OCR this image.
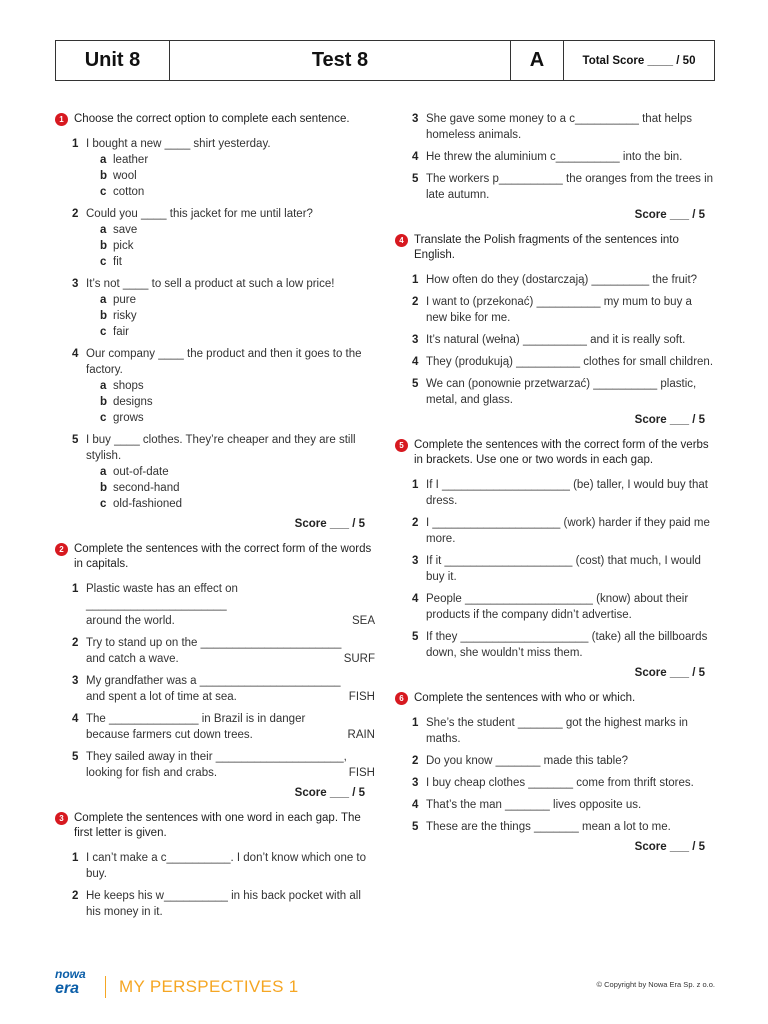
Unit 8	Test 8	A	Total Score ____ / 50
1 Choose the correct option to complete each sentence.
1 I bought a new ____ shirt yesterday.
a leather
b wool
c cotton
2 Could you ____ this jacket for me until later?
a save
b pick
c fit
3 It’s not ____ to sell a product at such a low price!
a pure
b risky
c fair
4 Our company ____ the product and then it goes to the factory.
a shops
b designs
c grows
5 I buy ____ clothes. They’re cheaper and they are still stylish.
a out-of-date
b second-hand
c old-fashioned
Score ___ / 5
2 Complete the sentences with the correct form of the words in capitals.
1 Plastic waste has an effect on ______________________
around the world.	SEA
2 Try to stand up on the ______________________
and catch a wave.	SURF
3 My grandfather was a ______________________
and spent a lot of time at sea.	FISH
4 The ______________ in Brazil is in danger
because farmers cut down trees.	RAIN
5 They sailed away in their ____________________,
looking for fish and crabs.	FISH
Score ___ / 5
3 Complete the sentences with one word in each gap. The first letter is given.
1 I can’t make a c__________. I don’t know which one to buy.
2 He keeps his w__________ in his back pocket with all his money in it.
3 She gave some money to a c__________ that helps homeless animals.
4 He threw the aluminium c__________ into the bin.
5 The workers p__________ the oranges from the trees in late autumn.
Score ___ / 5
4 Translate the Polish fragments of the sentences into English.
1 How often do they (dostarczają) _________ the fruit?
2 I want to (przekonać) __________ my mum to buy a new bike for me.
3 It’s natural (wełna) __________ and it is really soft.
4 They (produkują) __________ clothes for small children.
5 We can (ponownie przetwarzać) __________ plastic, metal, and glass.
Score ___ / 5
5 Complete the sentences with the correct form of the verbs in brackets. Use one or two words in each gap.
1 If I ____________________ (be) taller, I would buy that dress.
2 I ____________________ (work) harder if they paid me more.
3 If it ____________________ (cost) that much, I would buy it.
4 People ____________________ (know) about their products if the company didn’t advertise.
5 If they ____________________ (take) all the billboards down, she wouldn’t miss them.
Score ___ / 5
6 Complete the sentences with who or which.
1 She’s the student _______ got the highest marks in maths.
2 Do you know _______ made this table?
3 I buy cheap clothes _______ come from thrift stores.
4 That’s the man _______ lives opposite us.
5 These are the things _______ mean a lot to me.
Score ___ / 5
nowa
era	MY PERSPECTIVES 1	© Copyright by Nowa Era Sp. z o.o.
